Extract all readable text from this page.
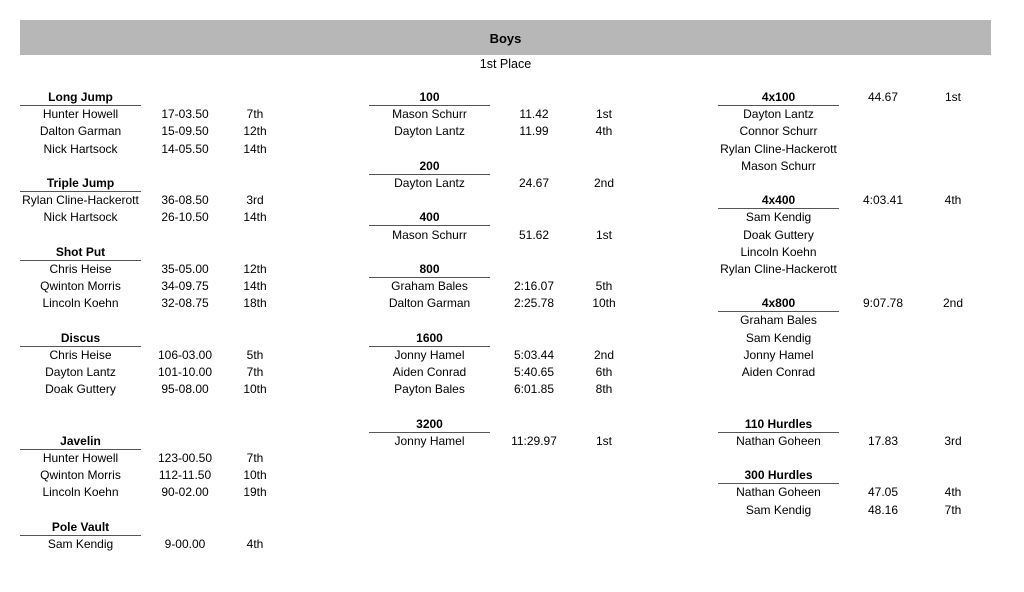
Boys
1st Place
Long Jump
Hunter Howell	17-03.50	7th
Dalton Garman	15-09.50	12th
Nick Hartsock	14-05.50	14th
Triple Jump
Rylan Cline-Hackerott	36-08.50	3rd
Nick Hartsock	26-10.50	14th
Shot Put
Chris Heise	35-05.00	12th
Qwinton Morris	34-09.75	14th
Lincoln Koehn	32-08.75	18th
Discus
Chris Heise	106-03.00	5th
Dayton Lantz	101-10.00	7th
Doak Guttery	95-08.00	10th
Javelin
Hunter Howell	123-00.50	7th
Qwinton Morris	112-11.50	10th
Lincoln Koehn	90-02.00	19th
Pole Vault
Sam Kendig	9-00.00	4th
100
Mason Schurr	11.42	1st
Dayton Lantz	11.99	4th
200
Dayton Lantz	24.67	2nd
400
Mason Schurr	51.62	1st
800
Graham Bales	2:16.07	5th
Dalton Garman	2:25.78	10th
1600
Jonny Hamel	5:03.44	2nd
Aiden Conrad	5:40.65	6th
Payton Bales	6:01.85	8th
3200
Jonny Hamel	11:29.97	1st
4x100	44.67	1st
Dayton Lantz
Connor Schurr
Rylan Cline-Hackerott
Mason Schurr
4x400	4:03.41	4th
Sam Kendig
Doak Guttery
Lincoln Koehn
Rylan Cline-Hackerott
4x800	9:07.78	2nd
Graham Bales
Sam Kendig
Jonny Hamel
Aiden Conrad
110 Hurdles
Nathan Goheen	17.83	3rd
300 Hurdles
Nathan Goheen	47.05	4th
Sam Kendig	48.16	7th
